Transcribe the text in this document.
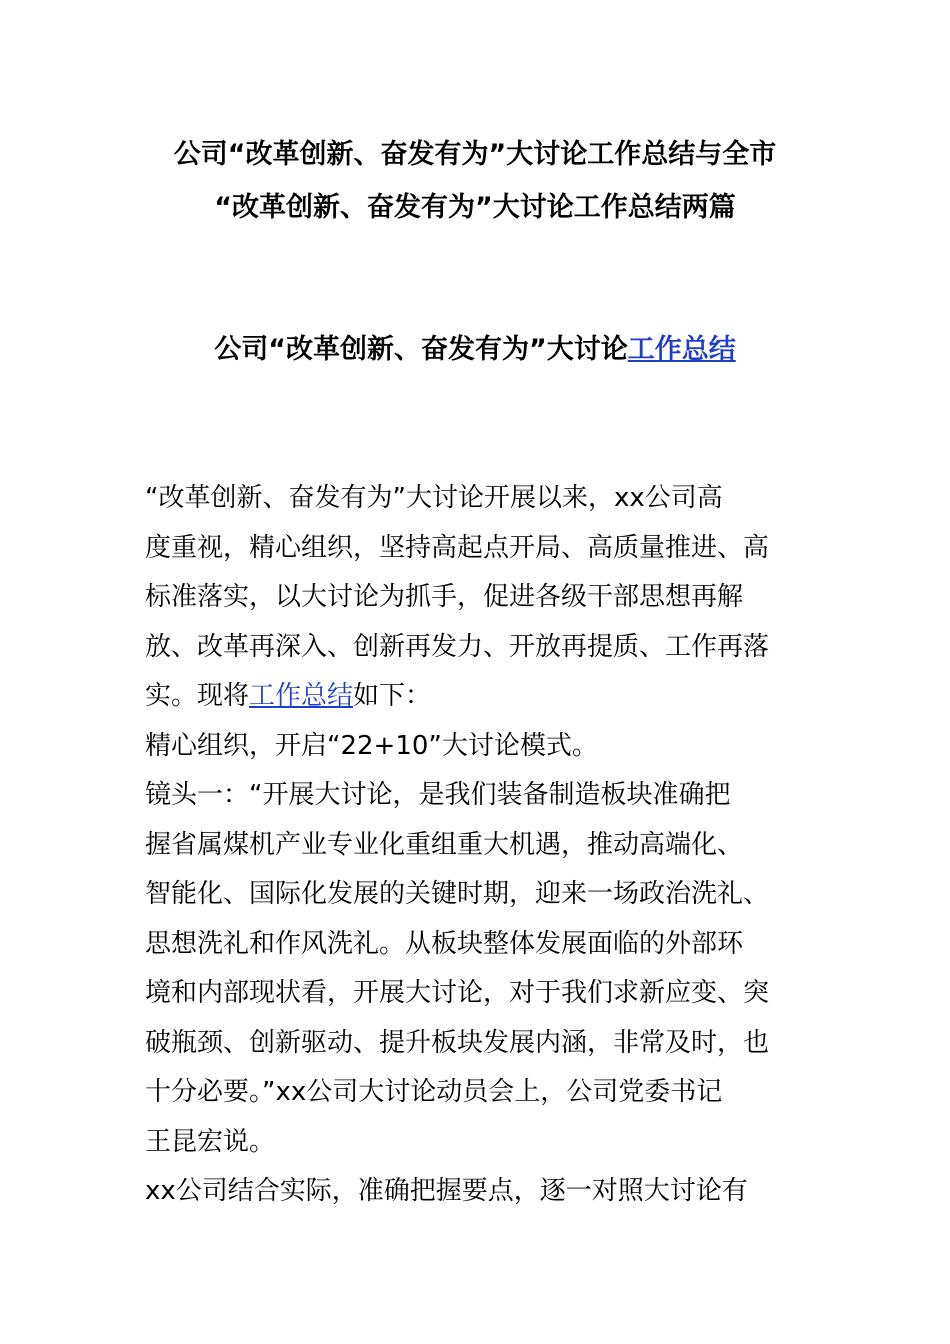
公司“改革创新、奋发有为”大讨论工作总结与全市
“改革创新、奋发有为”大讨论工作总结两篇
公司“改革创新、奋发有为”大讨论工作总结
“改革创新、奋发有为”大讨论开展以来，xx公司高
度重视，精心组织，坚持高起点开局、高质量推进、高
标准落实，以大讨论为抓手，促进各级干部思想再解
放、改革再深入、创新再发力、开放再提质、工作再落
实。现将工作总结如下：
精心组织，开启“22+10”大讨论模式。
镜头一：“开展大讨论，是我们装备制造板块准确把
握省属煤机产业专业化重组重大机遇，推动高端化、
智能化、国际化发展的关键时期，迎来一场政治洗礼、
思想洗礼和作风洗礼。从板块整体发展面临的外部环
境和内部现状看，开展大讨论，对于我们求新应变、突
破瓶颈、创新驱动、提升板块发展内涵，非常及时，也
十分必要。”xx公司大讨论动员会上，公司党委书记
王昆宏说。
xx公司结合实际，准确把握要点，逐一对照大讨论有
